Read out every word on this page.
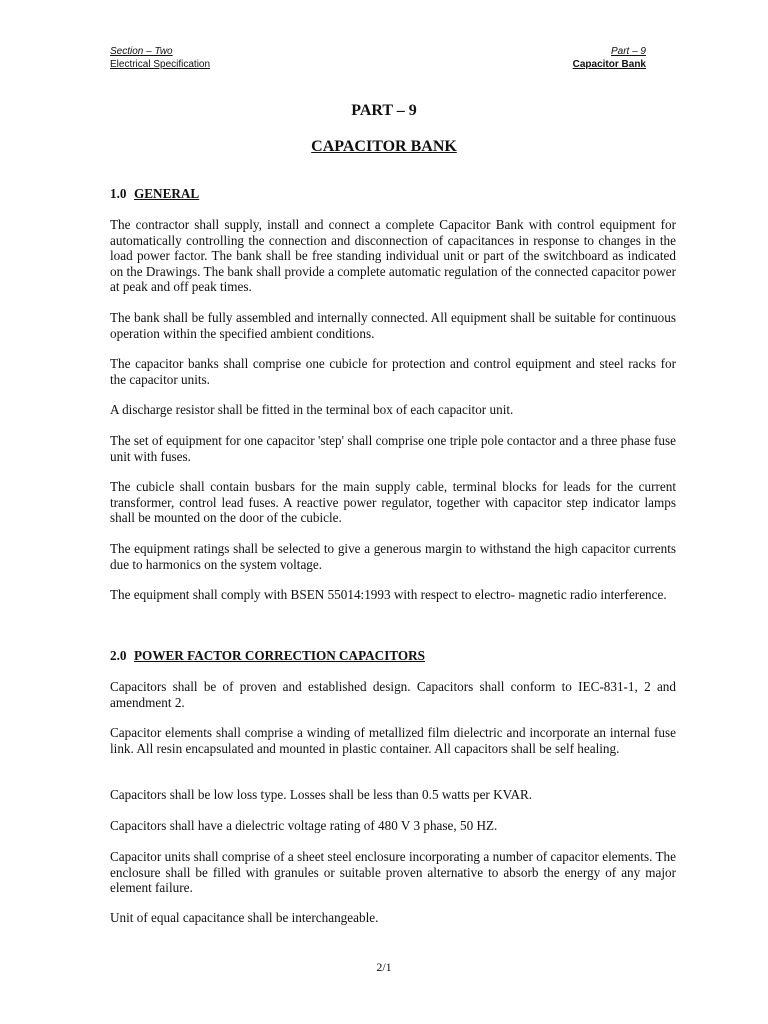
Section – Two
Electrical Specification
Part – 9
Capacitor Bank
PART – 9
CAPACITOR BANK
1.0 GENERAL

The contractor shall supply, install and connect a complete Capacitor Bank with control equipment for automatically controlling the connection and disconnection of capacitances in response to changes in the load power factor. The bank shall be free standing individual unit or part of the switchboard as indicated on the Drawings. The bank shall provide a complete automatic regulation of the connected capacitor power at peak and off peak times.

The bank shall be fully assembled and internally connected. All equipment shall be suitable for continuous operation within the specified ambient conditions.

The capacitor banks shall comprise one cubicle for protection and control equipment and steel racks for the capacitor units.

A discharge resistor shall be fitted in the terminal box of each capacitor unit.

The set of equipment for one capacitor 'step' shall comprise one triple pole contactor and a three phase fuse unit with fuses.

The cubicle shall contain busbars for the main supply cable, terminal blocks for leads for the current transformer, control lead fuses. A reactive power regulator, together with capacitor step indicator lamps shall be mounted on the door of the cubicle.

The equipment ratings shall be selected to give a generous margin to withstand the high capacitor currents due to harmonics on the system voltage.

The equipment shall comply with BSEN 55014:1993 with respect to electro- magnetic radio interference.

2.0 POWER FACTOR CORRECTION CAPACITORS

Capacitors shall be of proven and established design. Capacitors shall conform to IEC-831-1, 2 and amendment 2.

Capacitor elements shall comprise a winding of metallized film dielectric and incorporate an internal fuse link. All resin encapsulated and mounted in plastic container. All capacitors shall be self healing.

Capacitors shall be low loss type. Losses shall be less than 0.5 watts per KVAR.

Capacitors shall have a dielectric voltage rating of 480 V 3 phase, 50 HZ.

Capacitor units shall comprise of a sheet steel enclosure incorporating a number of capacitor elements. The enclosure shall be filled with granules or suitable proven alternative to absorb the energy of any major element failure.

Unit of equal capacitance shall be interchangeable.

2/1
